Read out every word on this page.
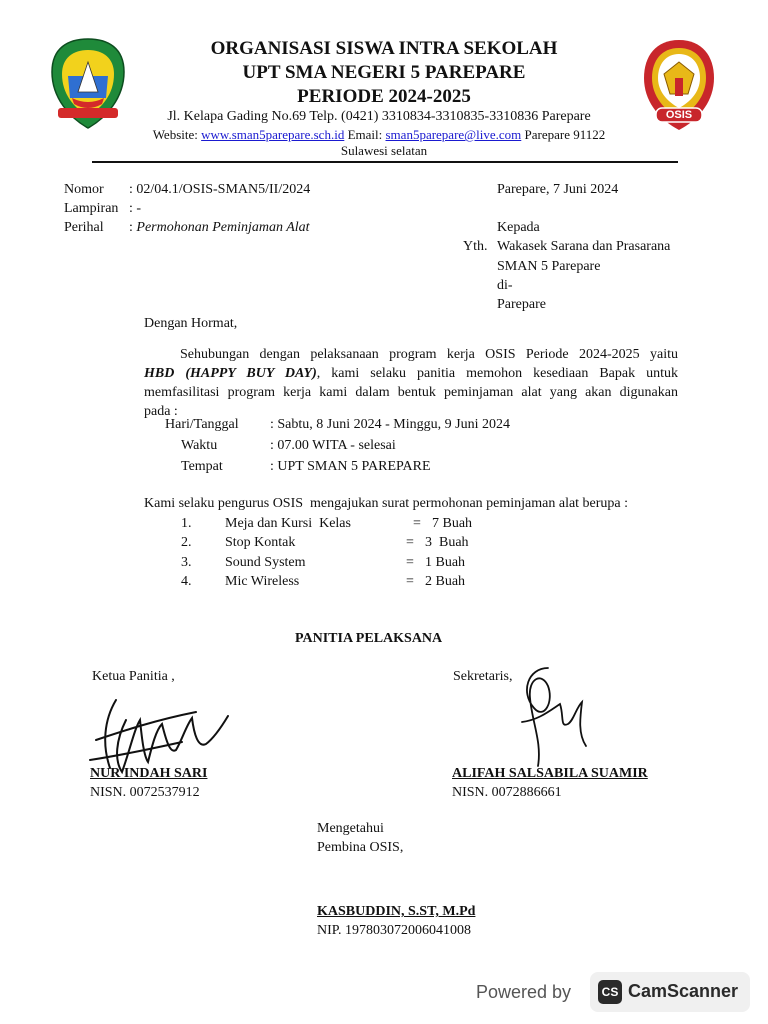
OSIS
ORGANISASI SISWA INTRA SEKOLAH
UPT SMA NEGERI 5 PAREPARE
PERIODE 2024-2025
Jl. Kelapa Gading No.69 Telp. (0421) 3310834-3310835-3310836 Parepare
Website: www.sman5parepare.sch.id Email: sman5parepare@live.com Parepare 91122
Sulawesi selatan
Nomor : 02/04.1/OSIS-SMAN5/II/2024
Lampiran : -
Perihal : Permohonan Peminjaman Alat
Parepare, 7 Juni 2024
Kepada
Yth. Wakasek Sarana dan Prasarana
SMAN 5 Parepare
di-
Parepare
Dengan Hormat,
Sehubungan dengan pelaksanaan program kerja OSIS Periode 2024-2025 yaitu
HBD (HAPPY BUY DAY), kami selaku panitia memohon kesediaan Bapak untuk
memfasilitasi program kerja kami dalam bentuk peminjaman alat yang akan digunakan
pada :
Hari/Tanggal : Sabtu, 8 Juni 2024 - Minggu, 9 Juni 2024
Waktu	: 07.00 WITA - selesai
Tempat	: UPT SMAN 5 PAREPARE
Kami selaku pengurus OSIS  mengajukan surat permohonan peminjaman alat berupa :
1. Meja dan Kursi  Kelas	= 7 Buah
2. Stop Kontak	= 3  Buah
3. Sound System	= 1 Buah
4. Mic Wireless	= 2 Buah
PANITIA PELAKSANA
Ketua Panitia ,	Sekretaris,
NUR INDAH SARI
NISN. 0072537912
ALIFAH SALSABILA SUAMIR
NISN. 0072886661
Mengetahui
Pembina OSIS,
KASBUDDIN, S.ST, M.Pd
NIP. 197803072006041008
Powered by	CS CamScanner
